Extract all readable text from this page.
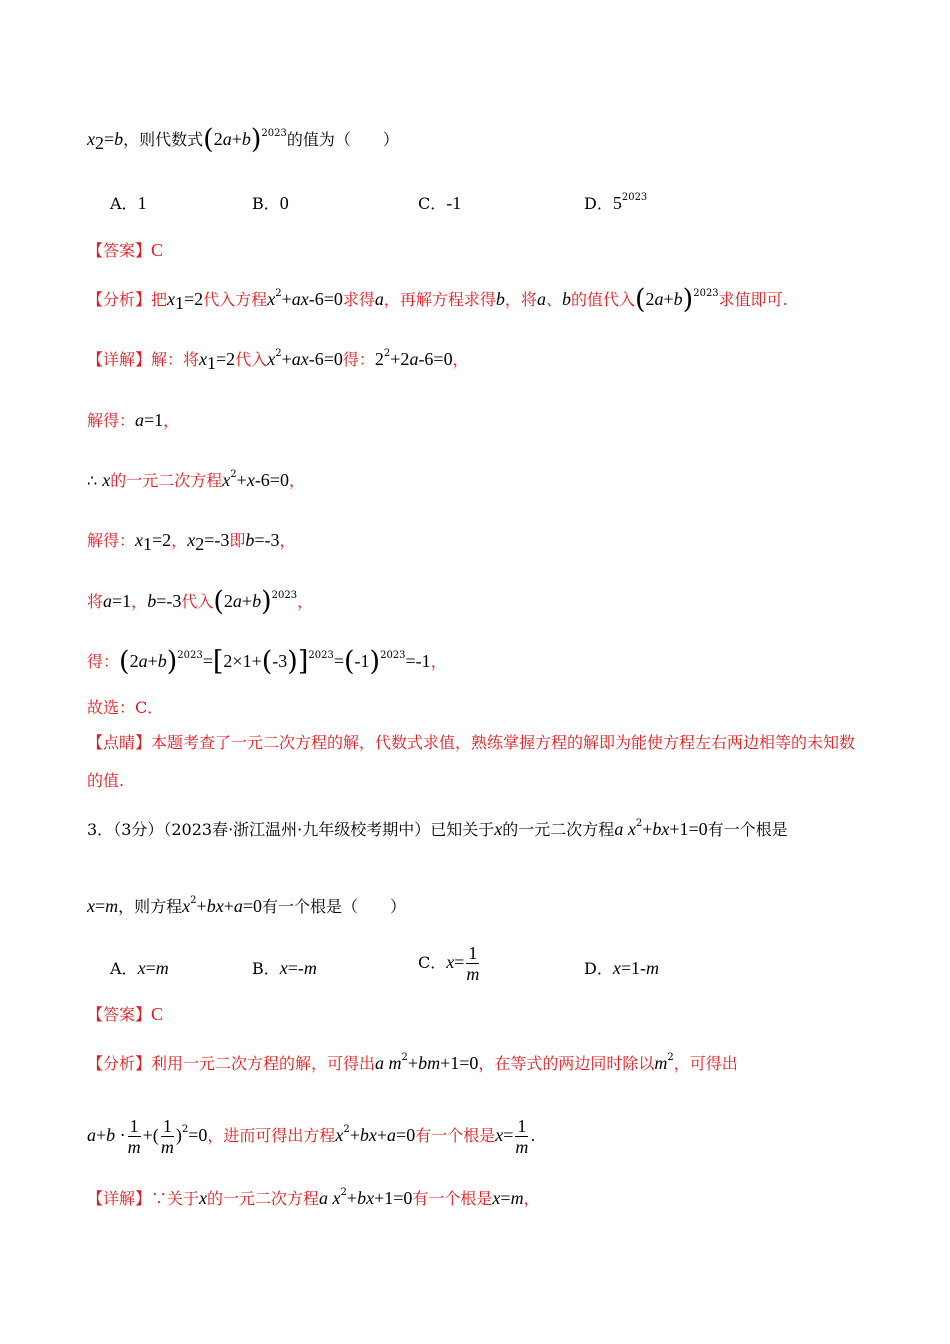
$x_2=b$，则代数式$(2a+b)^{2023}$的值为（　　）
A．1	B．0	C．-1	D．$5^{2023}$
【答案】C
【分析】把$x_1=2$代入方程$x^2+ax-6=0$求得a，再解方程求得b，将a、b的值代入$(2a+b)^{2023}$求值即可.
【详解】解：将$x_1=2$代入$x^2+ax-6=0$得：$2^2+2a-6=0$，
解得：a=1，
∴ x的一元二次方程$x^2+x-6=0$，
解得：$x_1=2$，$x_2=-3$即b=-3，
将a=1，b=-3代入$(2a+b)^{2023}$，
得：$(2a+b)^{2023}=[2\times 1+(-3)]^{2023}=(-1)^{2023}=-1$，
故选：C．
【点睛】本题考查了一元二次方程的解，代数式求值，熟练掌握方程的解即为能使方程左右两边相等的未知数的值.
3．（3分）（2023春·浙江温州·九年级校考期中）已知关于x的一元二次方程a $x^2+bx+1=0$有一个根是
x=m，则方程$x^2+bx+a=0$有一个根是（　　）
A．x=m	B．x=-m	C．$x= \frac{1}{m}$	D．x=1-m
【答案】C
【分析】利用一元二次方程的解，可得出a $m^2+bm+1=0$，在等式的两边同时除以$m^2$，可得出
$a+b \cdot \frac{1}{m}$ +( $\frac{1}{m} )^2=0$，进而可得出方程$x^2+bx+a=0$有一个根是$x= \frac{1}{m}$ .
【详解】∵关于x的一元二次方程a $x^2+bx+1=0$有一个根是x=m，
